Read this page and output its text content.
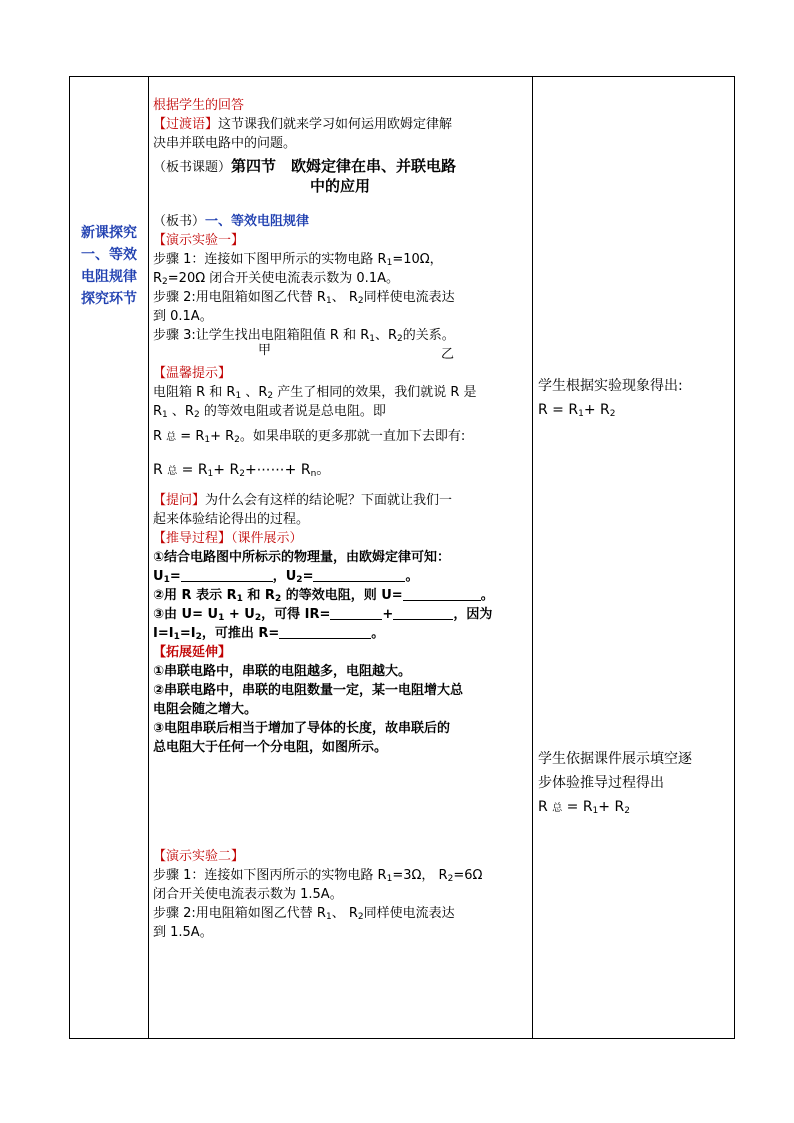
新课探究
一、等效
电阻规律
探究环节

根据学生的回答

【过渡语】这节课我们就来学习如何运用欧姆定律解

决串并联电路中的问题。

（板书课题）第四节　欧姆定律在串、并联电路

中的应用

（板书）一、等效电阻规律

【演示实验一】

步骤 1：连接如下图甲所示的实物电路 $R_1=10\Omega$，

$R_2=20\Omega$ 闭合开关使电流表示数为 0.1A。

步骤 2:用电阻箱如图乙代替 $R_1$、 $R_2$同样使电流表达

到 0.1A。

步骤 3:让学生找出电阻箱阻值 R 和 $R_1$、$R_2$的关系。

甲	乙

【温馨提示】

电阻箱 R 和 $R_1$ 、$R_2$ 产生了相同的效果，我们就说 R 是

$R_1$ 、$R_2$ 的等效电阻或者说是总电阻。即

R 总 = $R_1+ R_2$。如果串联的更多那就一直加下去即有:

R 总 = $R_1+$ $R_2+\cdots\cdots+ R_n$。

【提问】为什么会有这样的结论呢？下面就让我们一

起来体验结论得出的过程。

【推导过程】（课件展示）

①结合电路图中所标示的物理量，由欧姆定律可知：

$U_1=$	，$U_2=$	。

②用 R 表示 $R_1$ 和 $R_2$ 的等效电阻，则 U=	。

③由 $U= U_1 + U_2$，可得 IR=	+	，因为

$I=I_1=I_2$，可推出 R=	。

【拓展延伸】

①串联电路中，串联的电阻越多，电阻越大。

②串联电路中，串联的电阻数量一定，某一电阻增大总

电阻会随之增大。

③电阻串联后相当于增加了导体的长度，故串联后的

总电阻大于任何一个分电阻，如图所示。

【演示实验二】

步骤 1：连接如下图丙所示的实物电路 $R_1=3\Omega$， $R_2=6\Omega$

闭合开关使电流表示数为 1.5A。

步骤 2:用电阻箱如图乙代替 $R_1$、 $R_2$同样使电流表达

到 1.5A。

学生根据实验现象得出:

$R = R_1+ R_2$

学生依据课件展示填空逐

步体验推导过程得出

R 总 = $R_1+ R_2$
